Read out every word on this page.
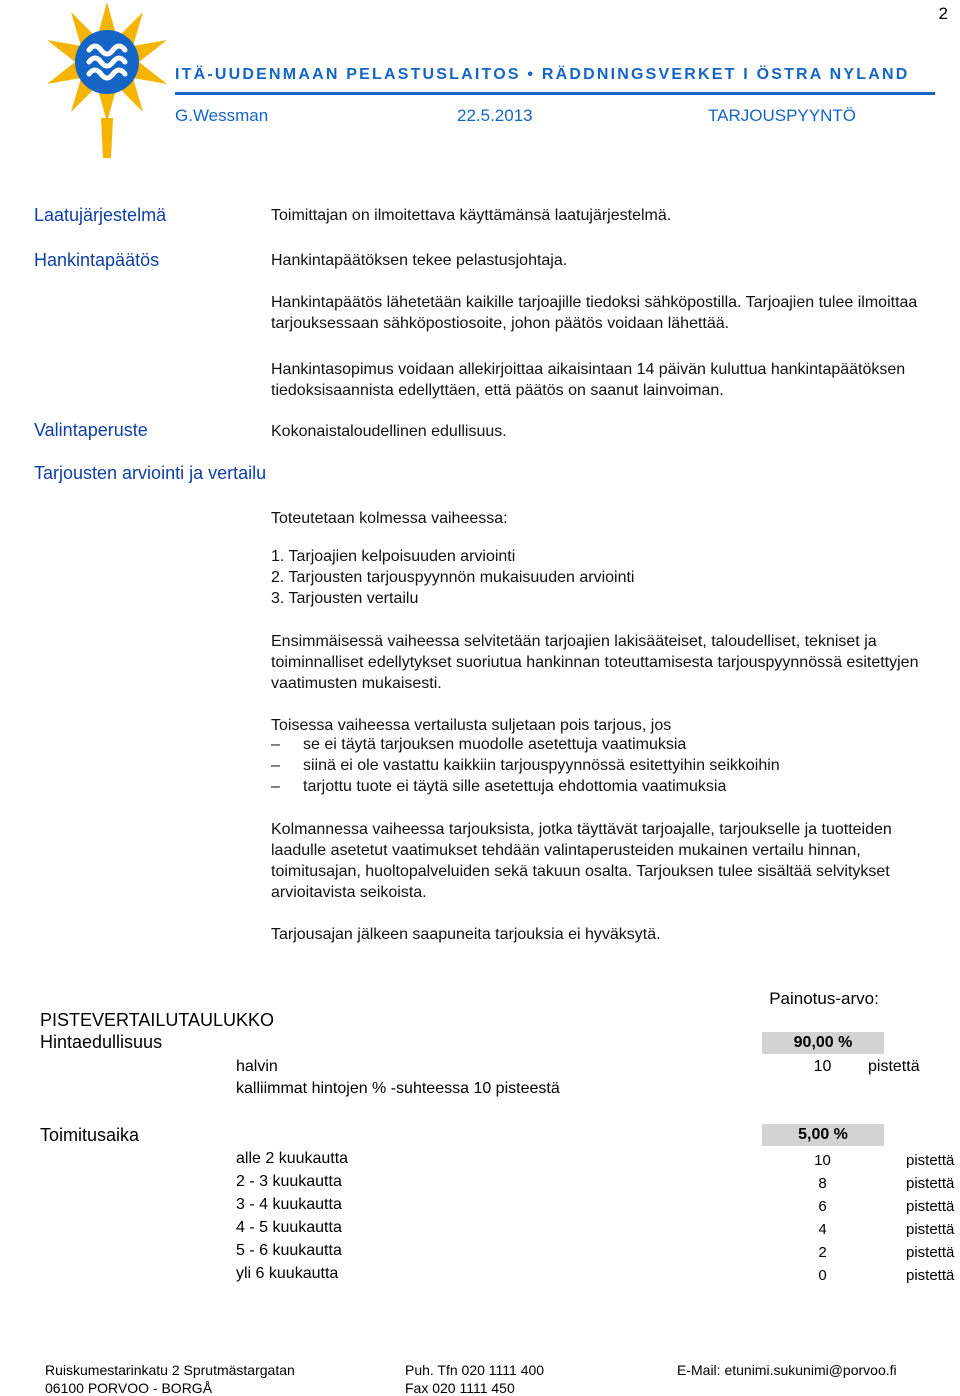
2
ITÄ-UUDENMAAN PELASTUSLAITOS • RÄDDNINGSVERKET I ÖSTRA NYLAND
G.Wessman	22.5.2013	TARJOUSPYYNTÖ
Laatujärjestelmä	Toimittajan on ilmoitettava käyttämänsä laatujärjestelmä.
Hankintapäätös	Hankintapäätöksen tekee pelastusjohtaja.
Hankintapäätös lähetetään kaikille tarjoajille tiedoksi sähköpostilla. Tarjoajien tulee ilmoittaa tarjouksessaan sähköpostiosoite, johon päätös voidaan lähettää.
Hankintasopimus voidaan allekirjoittaa aikaisintaan 14 päivän kuluttua hankintapäätöksen tiedoksisaannista edellyttäen, että päätös on saanut lainvoiman.
Valintaperuste	Kokonaistaloudellinen edullisuus.
Tarjousten arviointi ja vertailu
Toteutetaan kolmessa vaiheessa:
1. Tarjoajien kelpoisuuden arviointi
2. Tarjousten tarjouspyynnön mukaisuuden arviointi
3. Tarjousten vertailu
Ensimmäisessä vaiheessa selvitetään tarjoajien lakisääteiset, taloudelliset, tekniset ja toiminnalliset edellytykset suoriutua hankinnan toteuttamisesta tarjouspyynnössä esitettyjen vaatimusten mukaisesti.
Toisessa vaiheessa vertailusta suljetaan pois tarjous, jos
– se ei täytä tarjouksen muodolle asetettuja vaatimuksia
– siinä ei ole vastattu kaikkiin tarjouspyynnössä esitettyihin seikkoihin
– tarjottu tuote ei täytä sille asetettuja ehdottomia vaatimuksia
Kolmannessa vaiheessa tarjouksista, jotka täyttävät tarjoajalle, tarjoukselle ja tuotteiden laadulle asetetut vaatimukset tehdään valintaperusteiden mukainen vertailu hinnan, toimitusajan, huoltopalveluiden sekä takuun osalta. Tarjouksen tulee sisältää selvitykset arvioitavista seikoista.
Tarjousajan jälkeen saapuneita tarjouksia ei hyväksytä.
Painotus-arvo:
PISTEVERTAILUTAULUKKO
Hintaedullisuus	90,00 %
halvin	10	pistettä
kalliimmat hintojen % -suhteessa 10 pisteestä
Toimitusaika	5,00 %
alle 2 kuukautta	10	pistettä
2 - 3 kuukautta	8	pistettä
3 - 4 kuukautta	6	pistettä
4 - 5 kuukautta	4	pistettä
5 - 6 kuukautta	2	pistettä
yli 6 kuukautta	0	pistettä
Ruiskumestarinkatu 2 Sprutmästargatan
06100 PORVOO - BORGÅ
Puh. Tfn 020 1111 400
Fax 020 1111 450
E-Mail: etunimi.sukunimi@porvoo.fi
